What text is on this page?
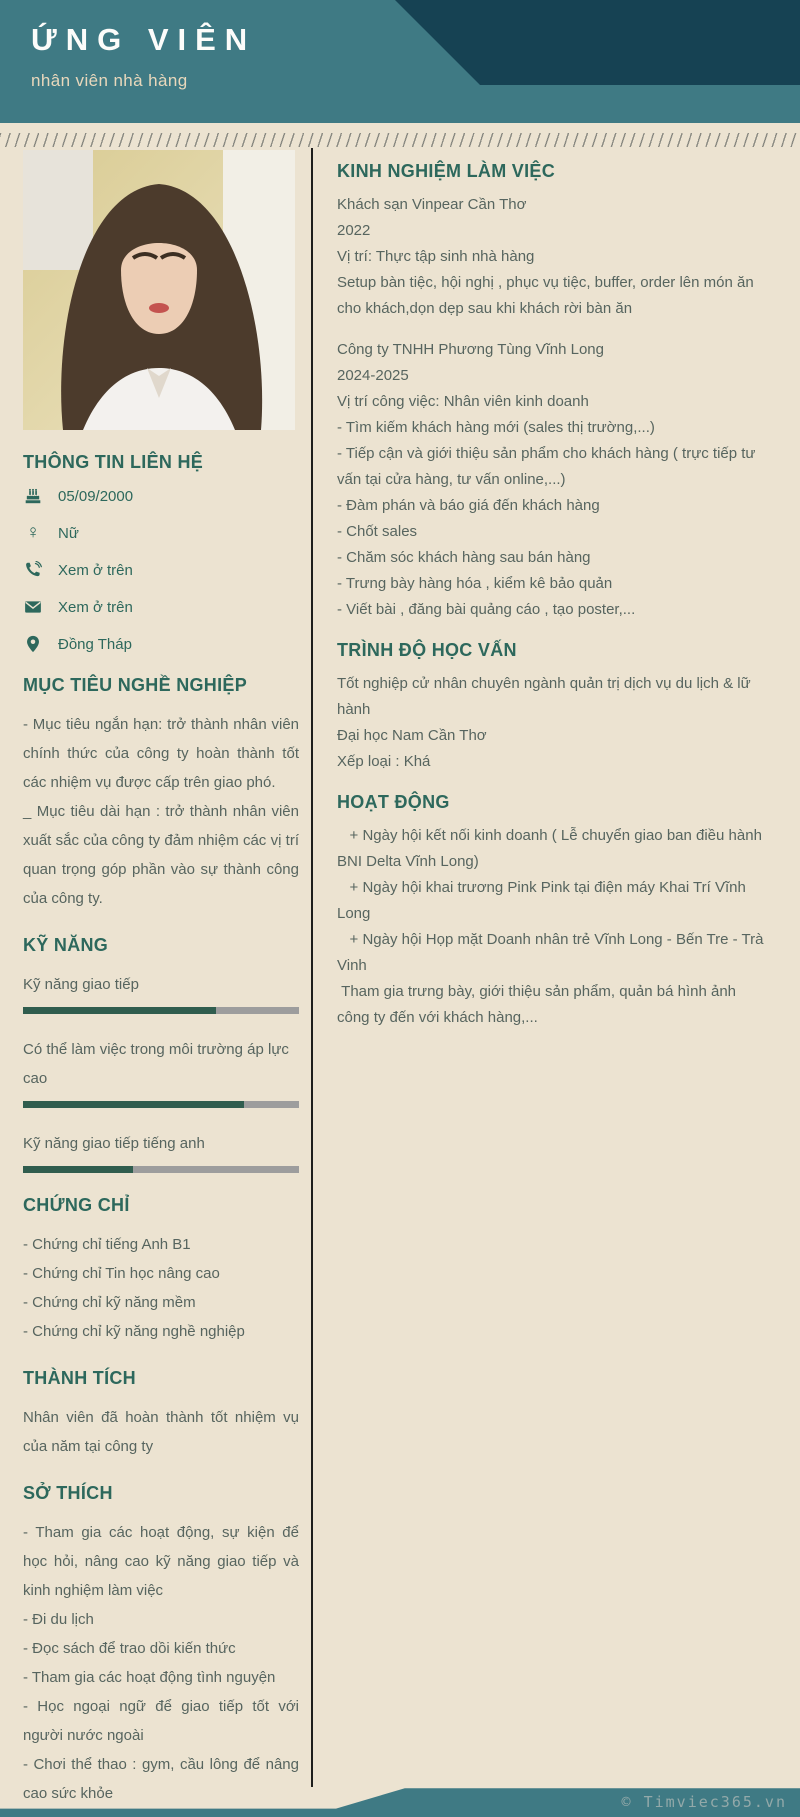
ỨNG VIÊN
nhân viên nhà hàng
THÔNG TIN LIÊN HỆ
05/09/2000
♀ Nữ
Xem ở trên
Xem ở trên
Đồng Tháp
MỤC TIÊU NGHỀ NGHIỆP

- Mục tiêu ngắn hạn: trở thành nhân viên chính thức của công ty hoàn thành tốt các nhiệm vụ được cấp trên giao phó.

_ Mục tiêu dài hạn : trở thành nhân viên xuất sắc của công ty đảm nhiệm các vị trí quan trọng góp phần vào sự thành công của công ty.

KỸ NĂNG
Kỹ năng giao tiếp
Có thể làm việc trong môi trường áp lực cao
Kỹ năng giao tiếp tiếng anh
CHỨNG CHỈ
- Chứng chỉ tiếng Anh B1
- Chứng chỉ Tin học nâng cao
- Chứng chỉ kỹ năng mềm
- Chứng chỉ kỹ năng nghề nghiệp
THÀNH TÍCH

Nhân viên đã hoàn thành tốt nhiệm vụ của năm tại công ty

SỞ THÍCH
- Tham gia các hoạt động, sự kiện để học hỏi, nâng cao kỹ năng giao tiếp và kinh nghiệm làm việc
- Đi du lịch
- Đọc sách để trao dồi kiến thức
- Tham gia các hoạt động tình nguyện
- Học ngoại ngữ để giao tiếp tốt với người nước ngoài
- Chơi thể thao : gym, cầu lông để nâng cao sức khỏe
KINH NGHIỆM LÀM VIỆC

Khách sạn Vinpear Cần Thơ

2022

Vị trí: Thực tập sinh nhà hàng

Setup bàn tiệc, hội nghị , phục vụ tiệc, buffer, order lên món ăn cho khách,dọn dẹp sau khi khách rời bàn ăn

Công ty TNHH Phương Tùng Vĩnh Long

2024-2025

Vị trí công việc: Nhân viên kinh doanh

- Tìm kiếm khách hàng mới (sales thị trường,...)

- Tiếp cận và giới thiệu sản phẩm cho khách hàng ( trực tiếp tư vấn tại cửa hàng, tư vấn online,...)

- Đàm phán và báo giá đến khách hàng

- Chốt sales

- Chăm sóc khách hàng sau bán hàng

- Trưng bày hàng hóa , kiểm kê bảo quản

- Viết bài , đăng bài quảng cáo , tạo poster,...

TRÌNH ĐỘ HỌC VẤN

Tốt nghiệp cử nhân chuyên ngành quản trị dịch vụ du lịch & lữ hành

Đại học Nam Cần Thơ

Xếp loại : Khá

HOẠT ĐỘNG

+ Ngày hội kết nối kinh doanh ( Lễ chuyển giao ban điều hành BNI Delta Vĩnh Long)

+ Ngày hội khai trương Pink Pink tại điện máy Khai Trí Vĩnh Long

+ Ngày hội Họp mặt Doanh nhân trẻ Vĩnh Long - Bến Tre - Trà Vinh

Tham gia trưng bày, giới thiệu sản phẩm, quản bá hình ảnh công ty đến với khách hàng,...

© Timviec365.vn
